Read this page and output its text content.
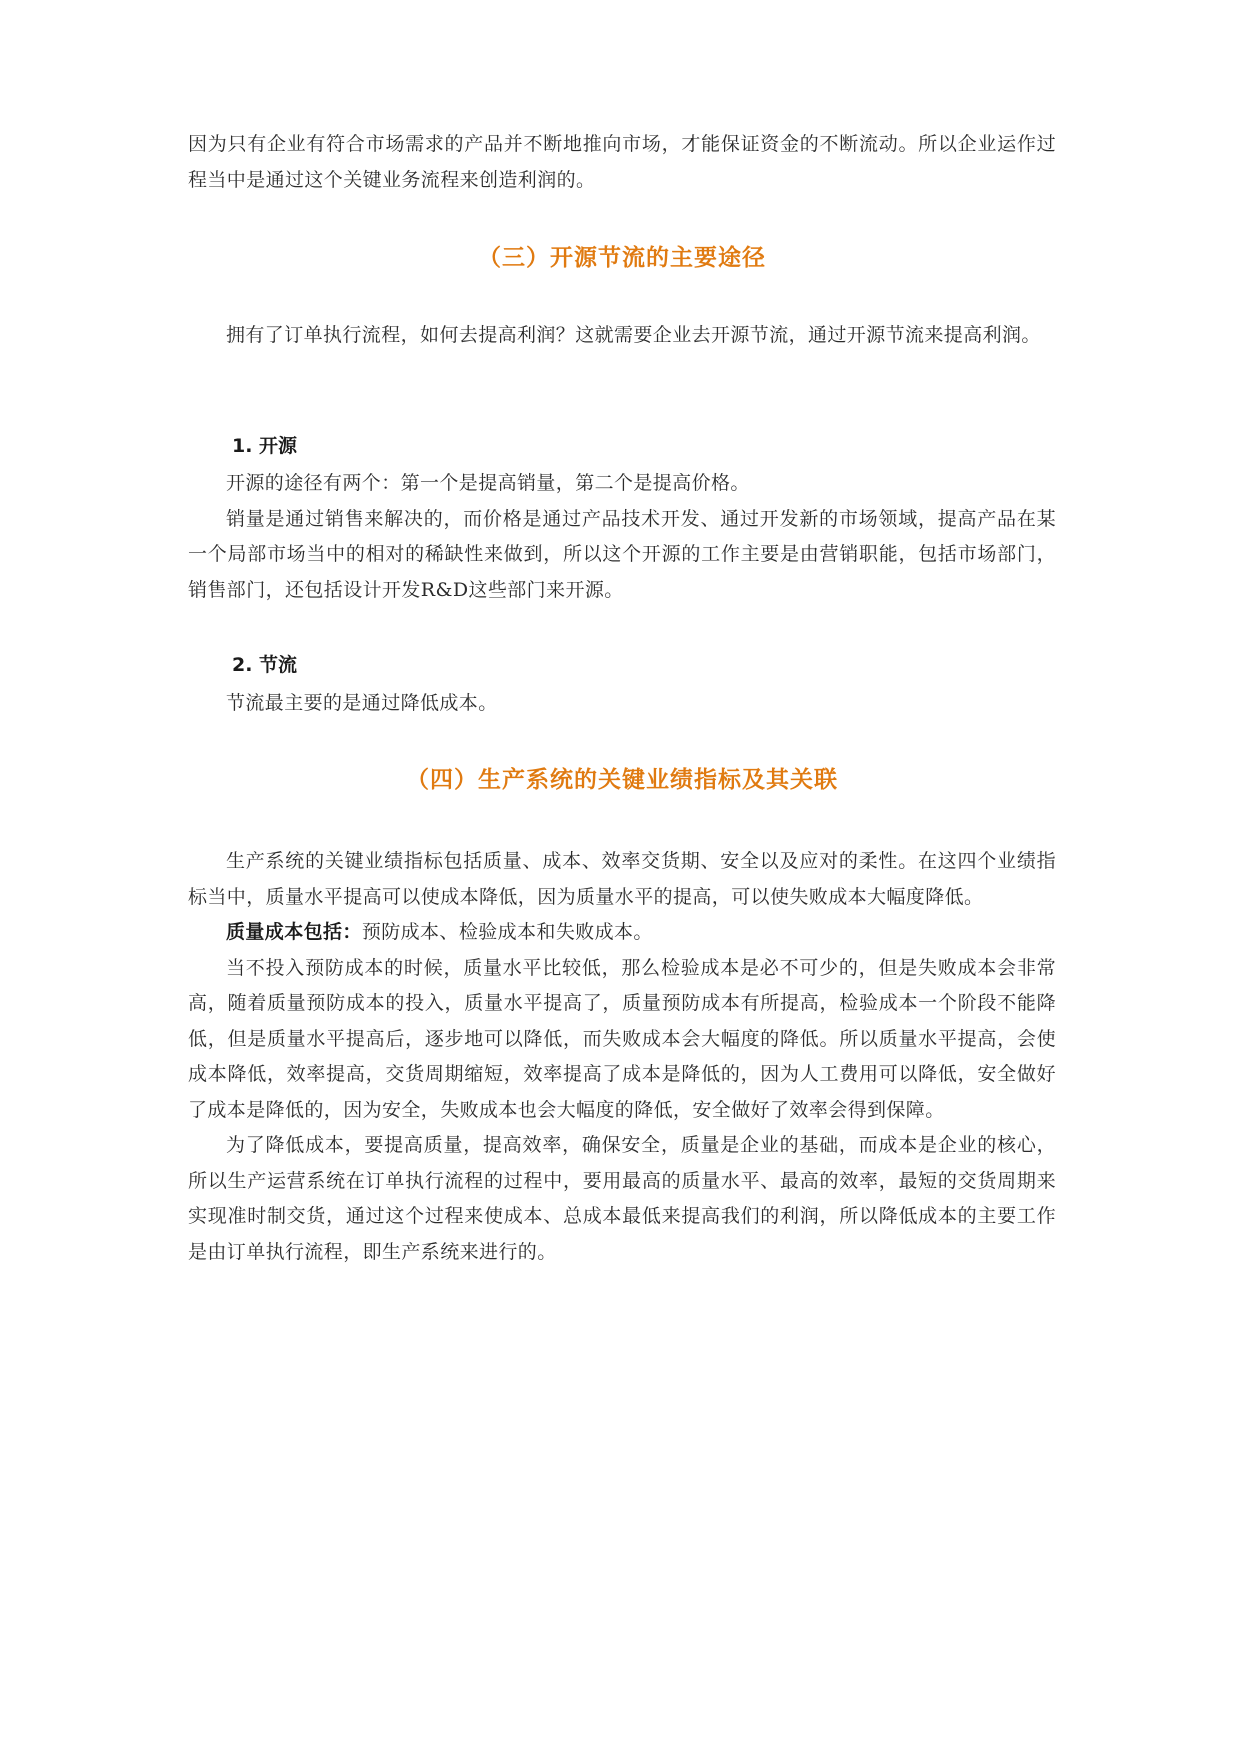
因为只有企业有符合市场需求的产品并不断地推向市场，才能保证资金的不断流动。所以企业运作过程当中是通过这个关键业务流程来创造利润的。

（三）开源节流的主要途径

拥有了订单执行流程，如何去提高利润？这就需要企业去开源节流，通过开源节流来提高利润。

1. 开源

开源的途径有两个：第一个是提高销量，第二个是提高价格。

销量是通过销售来解决的，而价格是通过产品技术开发、通过开发新的市场领域，提高产品在某一个局部市场当中的相对的稀缺性来做到，所以这个开源的工作主要是由营销职能，包括市场部门，销售部门，还包括设计开发R&D这些部门来开源。

2. 节流

节流最主要的是通过降低成本。

（四）生产系统的关键业绩指标及其关联

生产系统的关键业绩指标包括质量、成本、效率交货期、安全以及应对的柔性。在这四个业绩指标当中，质量水平提高可以使成本降低，因为质量水平的提高，可以使失败成本大幅度降低。

质量成本包括：预防成本、检验成本和失败成本。

当不投入预防成本的时候，质量水平比较低，那么检验成本是必不可少的，但是失败成本会非常高，随着质量预防成本的投入，质量水平提高了，质量预防成本有所提高，检验成本一个阶段不能降低，但是质量水平提高后，逐步地可以降低，而失败成本会大幅度的降低。所以质量水平提高，会使成本降低，效率提高，交货周期缩短，效率提高了成本是降低的，因为人工费用可以降低，安全做好了成本是降低的，因为安全，失败成本也会大幅度的降低，安全做好了效率会得到保障。

为了降低成本，要提高质量，提高效率，确保安全，质量是企业的基础，而成本是企业的核心，所以生产运营系统在订单执行流程的过程中，要用最高的质量水平、最高的效率，最短的交货周期来实现准时制交货，通过这个过程来使成本、总成本最低来提高我们的利润，所以降低成本的主要工作是由订单执行流程，即生产系统来进行的。
